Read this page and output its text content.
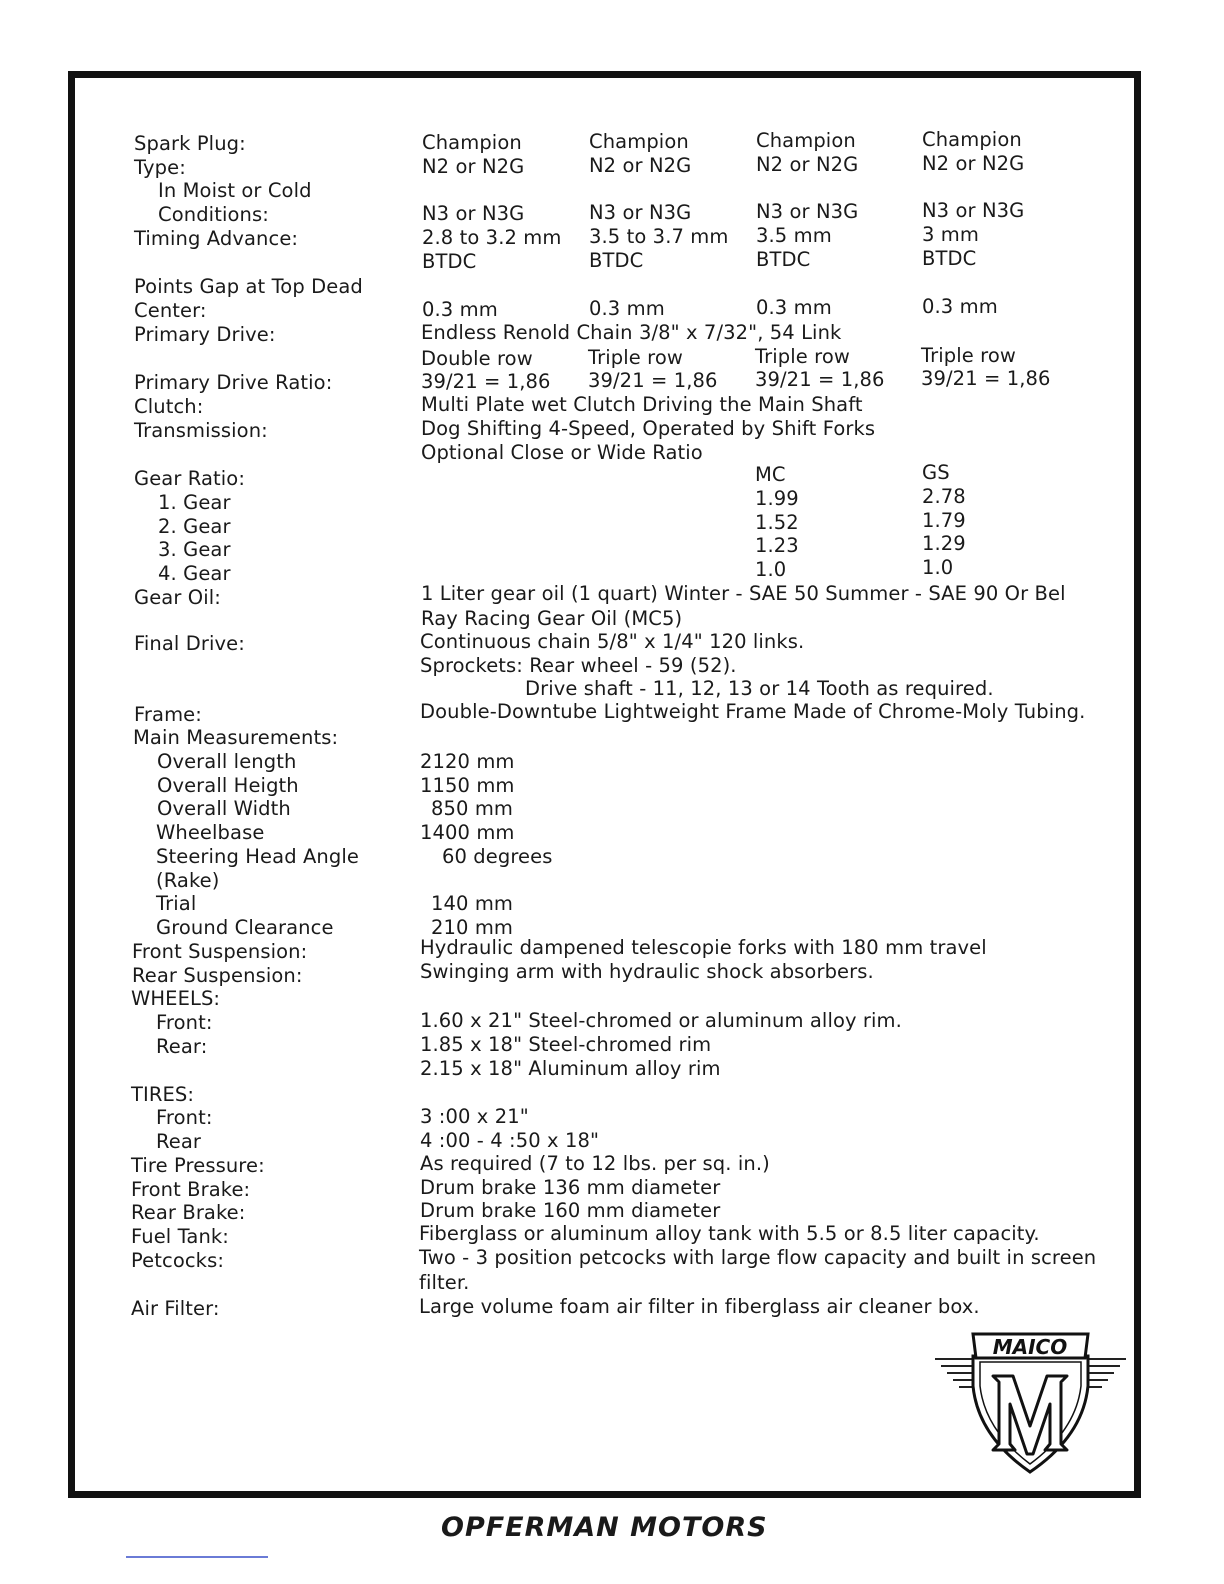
Spark Plug:
Type:
In Moist or Cold
Conditions:
Timing Advance:
Points Gap at Top Dead
Center:
Primary Drive:
Primary Drive Ratio:
Clutch:
Transmission:
Gear Ratio:
1. Gear
2. Gear
3. Gear
4. Gear
Gear Oil:
Final Drive:
Frame:
Main Measurements:
Overall length
Overall Heigth
Overall Width
Wheelbase
Steering Head Angle
(Rake)
Trial
Ground Clearance
Front Suspension:
Rear Suspension:
WHEELS:
Front:
Rear:
TIRES:
Front:
Rear
Tire Pressure:
Front Brake:
Rear Brake:
Fuel Tank:
Petcocks:
Air Filter:
Champion
N2 or N2G
N3 or N3G
2.8 to 3.2 mm
BTDC
0.3 mm
Double row
39/21 = 1,86
Champion
N2 or N2G
N3 or N3G
3.5 to 3.7 mm
BTDC
0.3 mm
Triple row
39/21 = 1,86
Champion
N2 or N2G
N3 or N3G
3.5 mm
BTDC
0.3 mm
Triple row
39/21 = 1,86
Champion
N2 or N2G
N3 or N3G
3 mm
BTDC
0.3 mm
Triple row
39/21 = 1,86
Endless Renold Chain 3/8" x 7/32", 54 Link
Multi Plate wet Clutch Driving the Main Shaft
Dog Shifting 4-Speed, Operated by Shift Forks
Optional Close or Wide Ratio
MC	GS
1.99
1.52
1.23
1.0
2.78
1.79
1.29
1.0
1 Liter gear oil (1 quart) Winter - SAE 50 Summer - SAE 90 Or Bel
Ray Racing Gear Oil (MC5)
Continuous chain 5/8" x 1/4" 120 links.
Sprockets: Rear wheel - 59 (52).
Drive shaft - 11, 12, 13 or 14 Tooth as required.
Double-Downtube Lightweight Frame Made of Chrome-Moly Tubing.
2120 mm
1150 mm
850 mm
1400 mm
60 degrees
140 mm
210 mm
Hydraulic dampened telescopie forks with 180 mm travel
Swinging arm with hydraulic shock absorbers.
1.60 x 21" Steel-chromed or aluminum alloy rim.
1.85 x 18" Steel-chromed rim
2.15 x 18" Aluminum alloy rim
3 :00 x 21"
4 :00 - 4 :50 x 18"
As required (7 to 12 lbs. per sq. in.)
Drum brake 136 mm diameter
Drum brake 160 mm diameter
Fiberglass or aluminum alloy tank with 5.5 or 8.5 liter capacity.
Two - 3 position petcocks with large flow capacity and built in screen
filter.
Large volume foam air filter in fiberglass air cleaner box.
MAICO
OPFERMAN MOTORS
